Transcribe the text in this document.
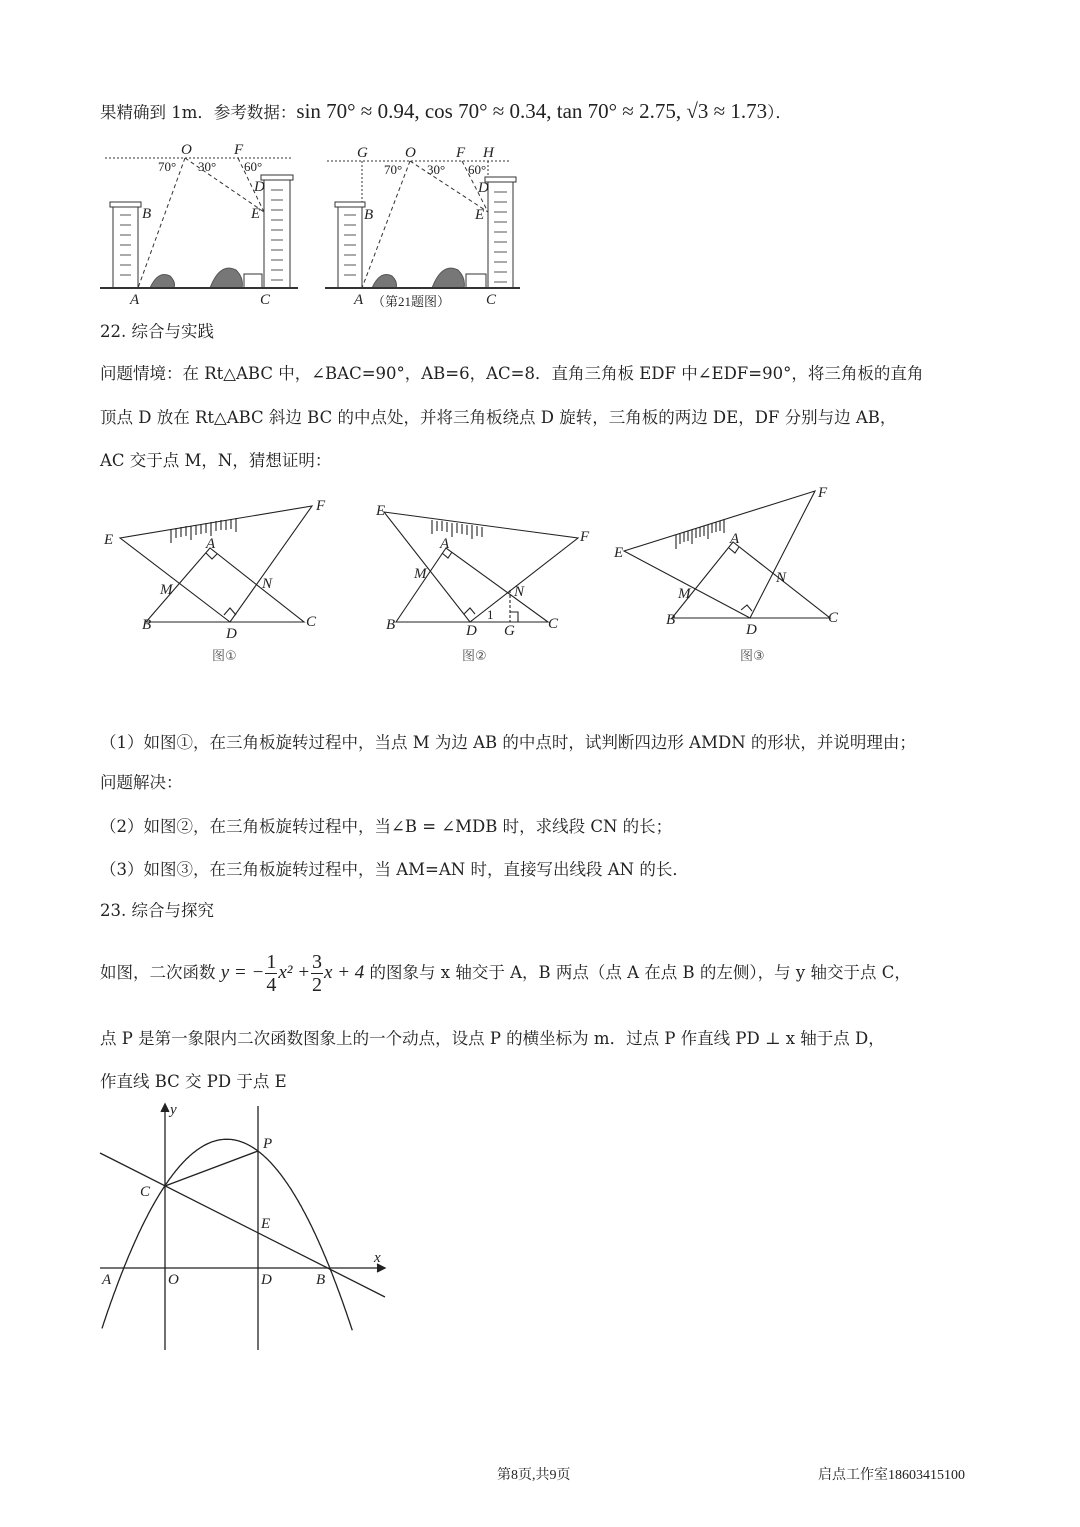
果精确到 1m．参考数据：sin 70° ≈ 0.94, cos 70° ≈ 0.34, tan 70° ≈ 2.75, √3 ≈ 1.73）．
O	F
D
E
B
A	C
70° 30° 60°
G O	F H
D
E
B
A	C
70° 30° 60°
（第21题图）
22. 综合与实践
问题情境：在 Rt△ABC 中，∠BAC=90°，AB=6，AC=8．直角三角板 EDF 中∠EDF=90°，将三角板的直角
顶点 D 放在 Rt△ABC 斜边 BC 的中点处，并将三角板绕点 D 旋转，三角板的两边 DE，DF 分别与边 AB，
AC 交于点 M，N，猜想证明：
E
F
A
M	N
B
D
C
图①
E
F
A
M
N
B	D G C
1
图②
E
F
A
M
N
B
D
C
图③
（1）如图①，在三角板旋转过程中，当点 M 为边 AB 的中点时，试判断四边形 AMDN 的形状，并说明理由；
问题解决：
（2）如图②，在三角板旋转过程中，当∠B = ∠MDB 时，求线段 CN 的长；
（3）如图③，在三角板旋转过程中，当 AM=AN 时，直接写出线段 AN 的长．
23. 综合与探究
如图，二次函数 y = − $\frac{1}{4} x^2 + \frac{3}{2}$ x + 4 的图象与 x 轴交于 A，B 两点（点 A 在点 B 的左侧），与 y 轴交于点 C，
点 P 是第一象限内二次函数图象上的一个动点，设点 P 的横坐标为 m．过点 P 作直线 PD ⊥ x 轴于点 D，
作直线 BC 交 PD 于点 E
y
x
P
C
E
A	O	D	B
第8页,共9页	启点工作室18603415100
